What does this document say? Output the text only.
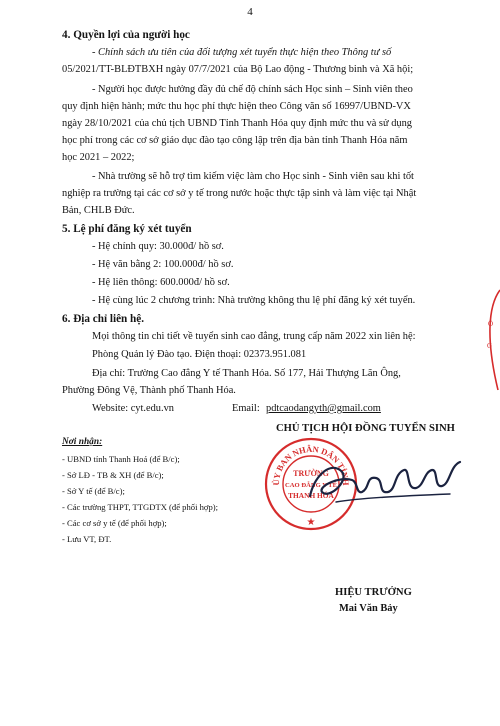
4
4. Quyền lợi của người học
- Chính sách ưu tiên của đối tượng xét tuyển thực hiện theo Thông tư số
05/2021/TT-BLĐTBXH ngày 07/7/2021 của Bộ Lao động - Thương binh và Xã hội;
- Người học được hưởng đầy đủ chế độ chính sách Học sinh – Sinh viên theo
quy định hiện hành; mức thu học phí thực hiện theo Công văn số 16997/UBND-VX
ngày 28/10/2021 của chủ tịch UBND Tỉnh Thanh Hóa quy định mức thu và sử dụng
học phí trong các cơ sở giáo dục đào tạo công lập trên địa bàn tỉnh Thanh Hóa năm
học 2021 – 2022;
- Nhà trường sẽ hỗ trợ tìm kiếm việc làm cho Học sinh - Sinh viên sau khi tốt
nghiệp ra trường tại các cơ sở y tế trong nước hoặc thực tập sinh và làm việc tại Nhật
Bản, CHLB Đức.
5. Lệ phí đăng ký xét tuyển
- Hệ chính quy: 30.000đ/ hồ sơ.
- Hệ văn bằng 2: 100.000đ/ hồ sơ.
- Hệ liên thông: 600.000đ/ hồ sơ.
- Hệ cùng lúc 2 chương trình: Nhà trường không thu lệ phí đăng ký xét tuyển.
6. Địa chỉ liên hệ.
Mọi thông tin chi tiết về tuyển sinh cao đẳng, trung cấp năm 2022 xin liên hệ:
Phòng Quản lý Đào tạo. Điện thoại: 02373.951.081
Địa chỉ: Trường Cao đẳng Y tế Thanh Hóa. Số 177, Hải Thượng Lãn Ông,
Phường Đông Vệ, Thành phố Thanh Hóa.
Website: cyt.edu.vn	Email: pdtcaodangyth@gmail.com
Nơi nhận:
- UBND tỉnh Thanh Hoá (để B/c);
- Sở LĐ - TB & XH (để B/c);
- Sở Y tế (để B/c);
- Các trường THPT, TTGDTX (để phối hợp);
- Các cơ sở y tế (để phối hợp);
- Lưu VT, ĐT.
CHỦ TỊCH HỘI ĐỒNG TUYỂN SINH
ỦY BAN NHÂN DÂN TỈNH
TRƯỜNG
CAO ĐẲNG Y TẾ
THANH HÓA
★
HIỆU TRƯỞNG
Mai Văn Bảy
Ô
G
